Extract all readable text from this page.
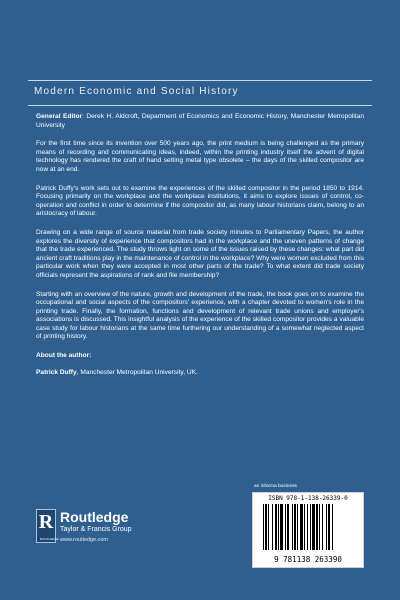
Modern Economic and Social History

General Editor: Derek H. Aldcroft, Department of Economics and Economic History, Manchester Metropolitan University

For the first time since its invention over 500 years ago, the print medium is being challenged as the primary means of recording and communicating ideas, indeed, within the printing industry itself the advent of digital technology has rendered the craft of hand setting metal type obsolete – the days of the skilled compositor are now at an end.

Patrick Duffy's work sets out to examine the experiences of the skilled compositor in the period 1850 to 1914. Focusing primarily on the workplace and the workplace institutions, it aims to explore issues of control, co-operation and conflict in order to determine if the compositor did, as many labour historians claim, belong to an aristocracy of labour.

Drawing on a wide range of source material from trade society minutes to Parliamentary Papers, the author explores the diversity of experience that compositors had in the workplace and the uneven patterns of change that the trade experienced. The study throws light on some of the issues raised by these changes: what part did ancient craft traditions play in the maintenance of control in the workplace? Why were women excluded from this particular work when they were accepted in most other parts of the trade? To what extent did trade society officials represent the aspirations of rank and file membership?

Starting with an overview of the nature, growth and development of the trade, the book goes on to examine the occupational and social aspects of the compositors' experience, with a chapter devoted to women's role in the printing trade. Finally, the formation, functions and development of relevant trade unions and employer's associations is discussed. This insightful analysis of the experience of the skilled compositor provides a valuable case study for labour historians at the same time furthering our understanding of a somewhat neglected aspect of printing history.

About the author:
Patrick Duffy, Manchester Metropolitan University, UK.
R
ROUTLEDGE
Routledge
Taylor & Francis Group
www.routledge.com
an informa business
ISBN 978-1-138-26339-0
9 781138 263390
